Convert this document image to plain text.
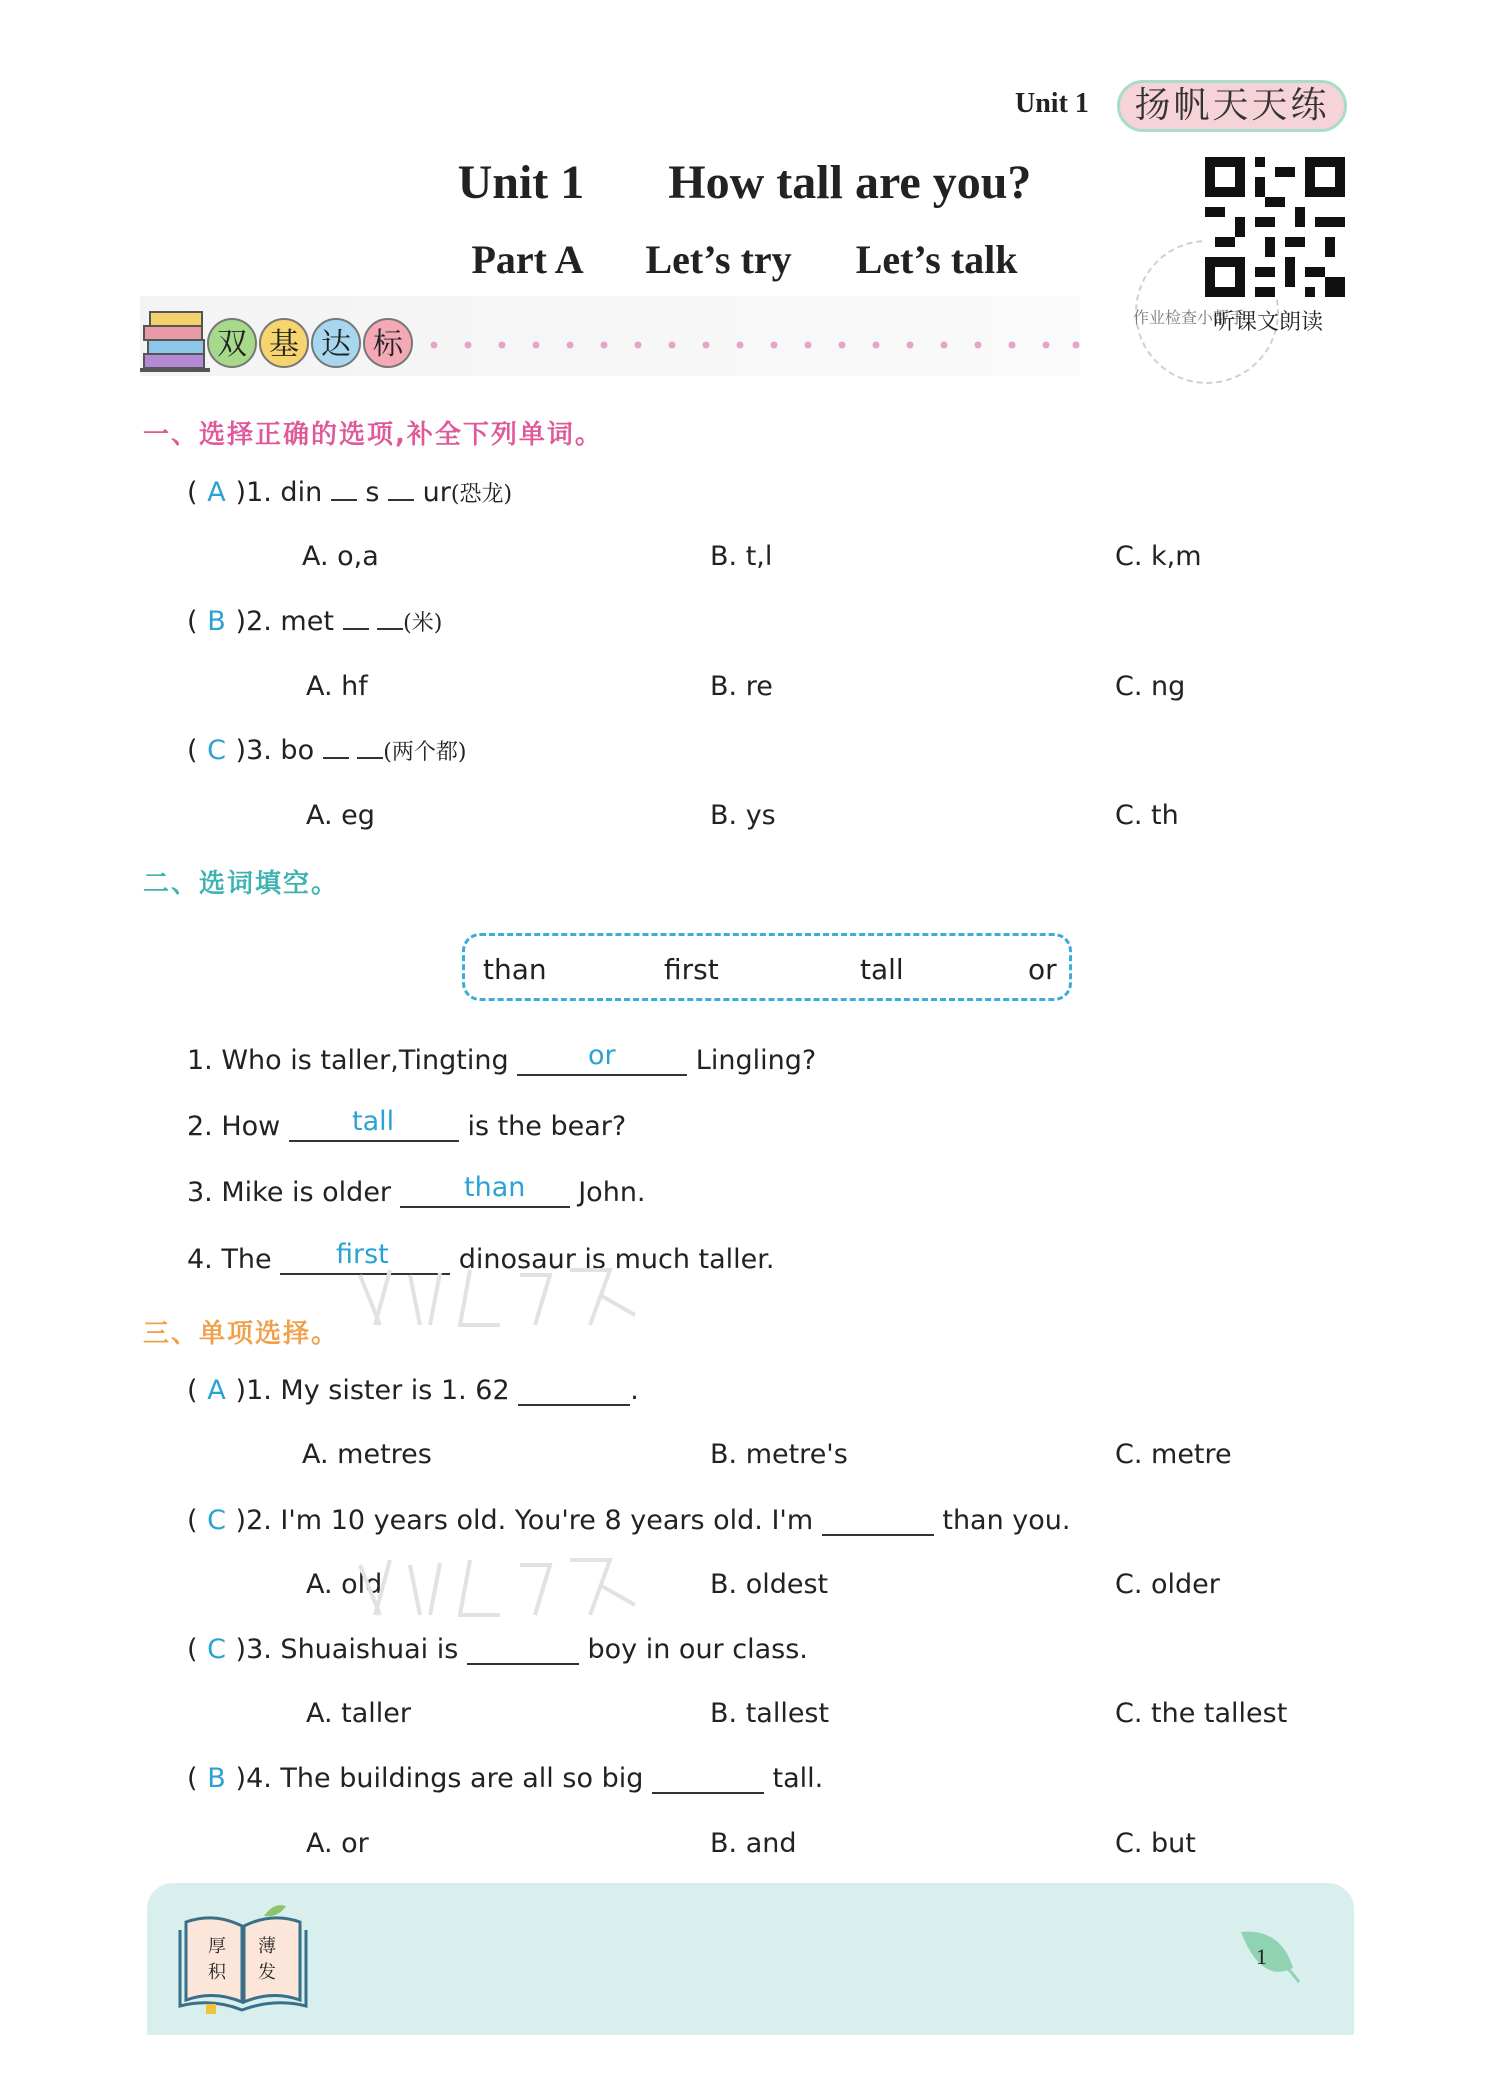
Unit 1	扬帆天天练
Unit 1 How tall are you?
Part A Let’s try Let’s talk
作业检查小帮手
听课文朗读
双 基 达 标
一、选择正确的选项,补全下列单词。
( A )1. din s ur(恐龙)
A. o,a	B. t,l	C. k,m
( B )2. met	(米)
A. hf	B. re	C. ng
( C )3. bo	(两个都)
A. eg	B. ys	C. th
二、选词填空。
than	first	tall	or
1. Who is taller,Tingting	Lingling?
or
2. How	is the bear?
tall
3. Mike is older	John.
than
4. The	dinosaur is much taller.
first
三、单项选择。
( A )1. My sister is 1. 62	.
A. metres	B. metre's	C. metre
( C )2. I'm 10 years old. You're 8 years old. I'm	than you.
A. old	B. oldest	C. older
( C )3. Shuaishuai is	boy in our class.
A. taller	B. tallest	C. the tallest
( B )4. The buildings are all so big	tall.
A. or	B. and	C. but
厚 薄
积 发
1
